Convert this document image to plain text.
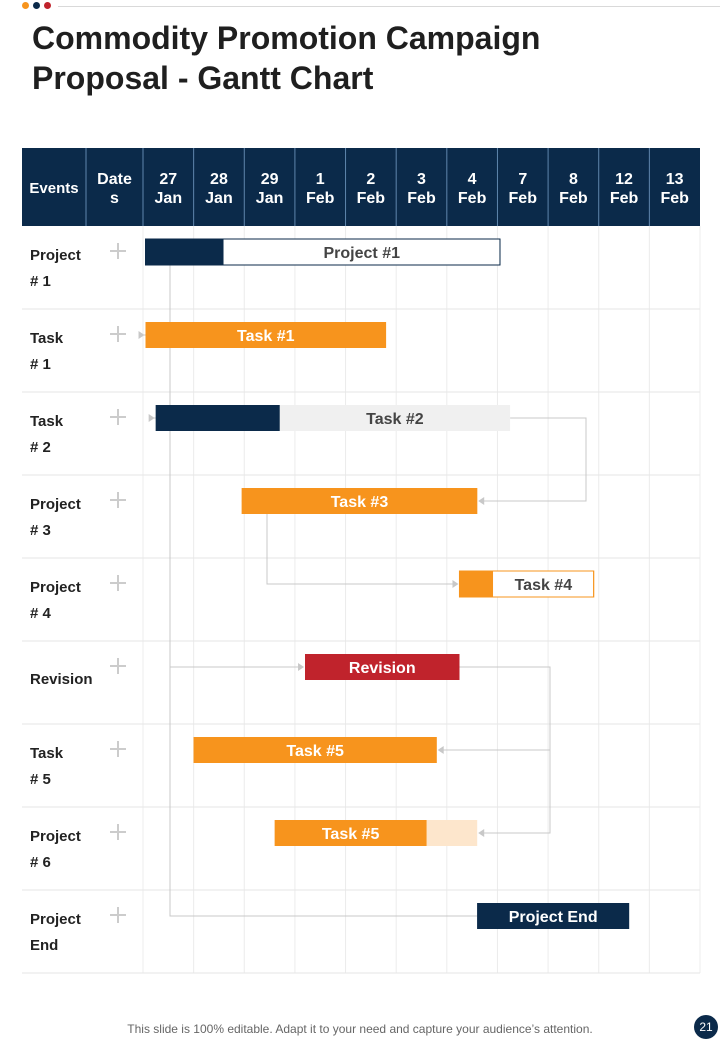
Commodity Promotion Campaign Proposal - Gantt Chart
Events
Date
s
27
Jan
28
Jan
29
Jan
1
Feb
2
Feb
3
Feb
4
Feb
7
Feb
8
Feb
12
Feb
13
Feb
Project
# 1
Task
# 1
Task
# 2
Project
# 3
Project
# 4
Revision
Task
# 5
Project
# 6
Project
End
Project #1
Task #1
Task #2
Task #3
Task #4
Revision
Task #5
Task #5
Project End
This slide is 100% editable. Adapt it to your need and capture your audience’s attention.	21
